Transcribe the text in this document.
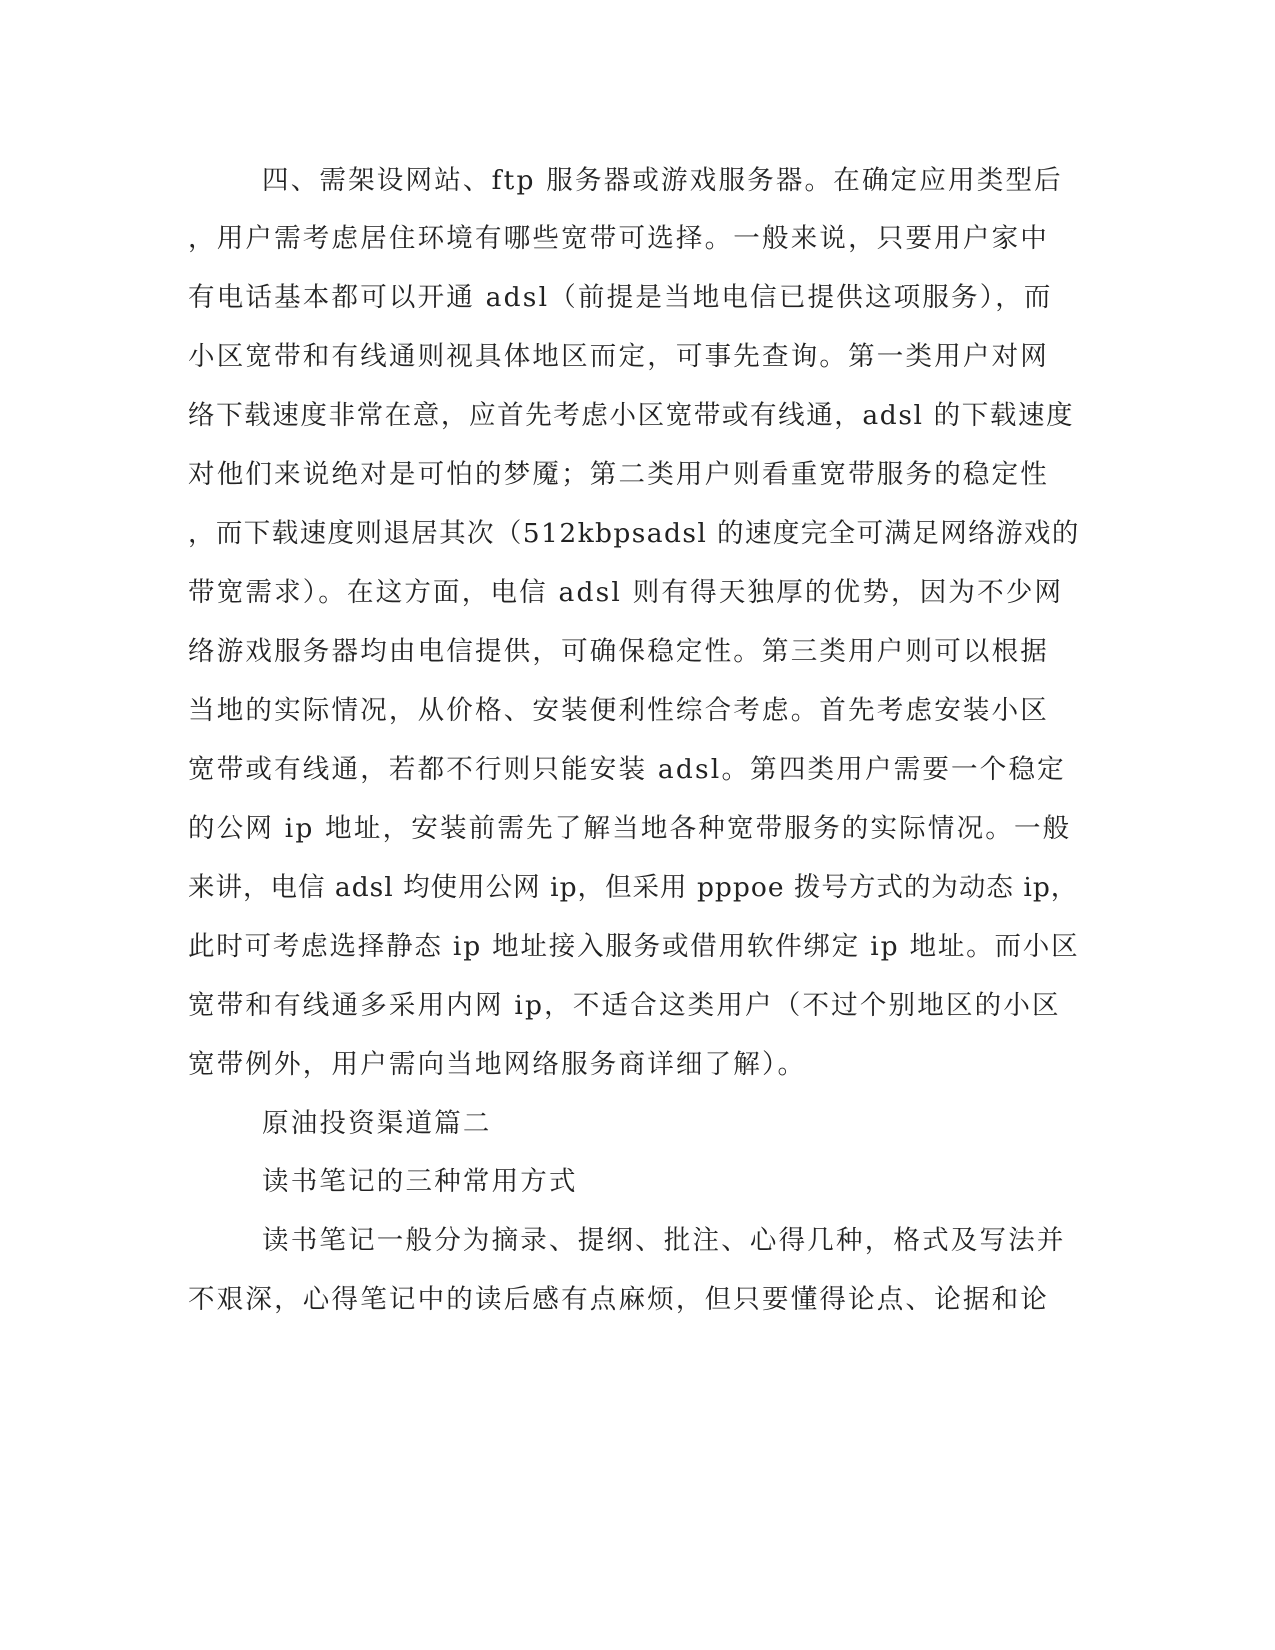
四、需架设网站、ftp 服务器或游戏服务器。在确定应用类型后
，用户需考虑居住环境有哪些宽带可选择。一般来说，只要用户家中
有电话基本都可以开通 adsl（前提是当地电信已提供这项服务），而
小区宽带和有线通则视具体地区而定，可事先查询。第一类用户对网
络下载速度非常在意，应首先考虑小区宽带或有线通，adsl 的下载速度
对他们来说绝对是可怕的梦魇；第二类用户则看重宽带服务的稳定性
，而下载速度则退居其次（512kbpsadsl 的速度完全可满足网络游戏的
带宽需求）。在这方面，电信 adsl 则有得天独厚的优势，因为不少网
络游戏服务器均由电信提供，可确保稳定性。第三类用户则可以根据
当地的实际情况，从价格、安装便利性综合考虑。首先考虑安装小区
宽带或有线通，若都不行则只能安装 adsl。第四类用户需要一个稳定
的公网 ip 地址，安装前需先了解当地各种宽带服务的实际情况。一般
来讲，电信 adsl 均使用公网 ip，但采用 pppoe 拨号方式的为动态 ip，
此时可考虑选择静态 ip 地址接入服务或借用软件绑定 ip 地址。而小区
宽带和有线通多采用内网 ip，不适合这类用户（不过个别地区的小区
宽带例外，用户需向当地网络服务商详细了解）。
原油投资渠道篇二
读书笔记的三种常用方式
读书笔记一般分为摘录、提纲、批注、心得几种，格式及写法并
不艰深，心得笔记中的读后感有点麻烦，但只要懂得论点、论据和论
